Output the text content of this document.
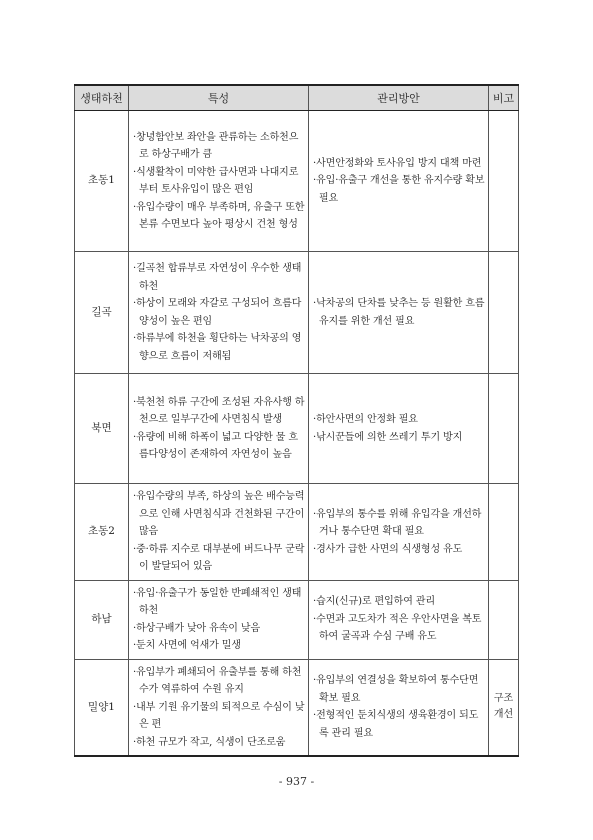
생태하천	특성	관리방안	비고
초동1	·창녕함안보 좌안을 관류하는 소하천으로 하상구배가 큼
·식생활착이 미약한 급사면과 나대지로부터 토사유입이 많은 편임
·유입수량이 매우 부족하며, 유출구 또한 본류 수면보다 높아 평상시 건천 형성	·사면안정화와 토사유입 방지 대책 마련
·유입·유출구 개선을 통한 유지수량 확보 필요	

길곡	·길곡천 합류부로 자연성이 우수한 생태하천
·하상이 모래와 자갈로 구성되어 흐름다양성이 높은 편임
·하류부에 하천을 횡단하는 낙차공의 영향으로 흐름이 저해됨	·낙차공의 단차를 낮추는 등 원활한 흐름 유지를 위한 개선 필요	

북면	·북천천 하류 구간에 조성된 자유사행 하천으로 일부구간에 사면침식 발생
·유량에 비해 하폭이 넓고 다양한 물 흐름다양성이 존재하여 자연성이 높음	·하안사면의 안정화 필요
·낚시꾼들에 의한 쓰레기 투기 방지	

초동2	·유입수량의 부족, 하상의 높은 배수능력으로 인해 사면침식과 건천화된 구간이 많음
·중·하류 지수로 대부분에 버드나무 군락이 발달되어 있음	·유입부의 통수를 위해 유입각을 개선하거나 통수단면 확대 필요
·경사가 급한 사면의 식생형성 유도	

하남	·유입·유출구가 동일한 반폐쇄적인 생태하천
·하상구배가 낮아 유속이 낮음
·둔치 사면에 억새가 밀생	·습지(신규)로 편입하여 관리
·수면과 고도차가 적은 우안사면을 복토하여 굴곡과 수심 구배 유도	

밀양1	·유입부가 폐쇄되어 유출부를 통해 하천수가 역류하여 수원 유지
·내부 기원 유기물의 퇴적으로 수심이 낮은 편
·하천 규모가 작고, 식생이 단조로움	·유입부의 연결성을 확보하여 통수단면 확보 필요
·전형적인 둔치식생의 생육환경이 되도록 관리 필요	구조
개선
- 937 -
